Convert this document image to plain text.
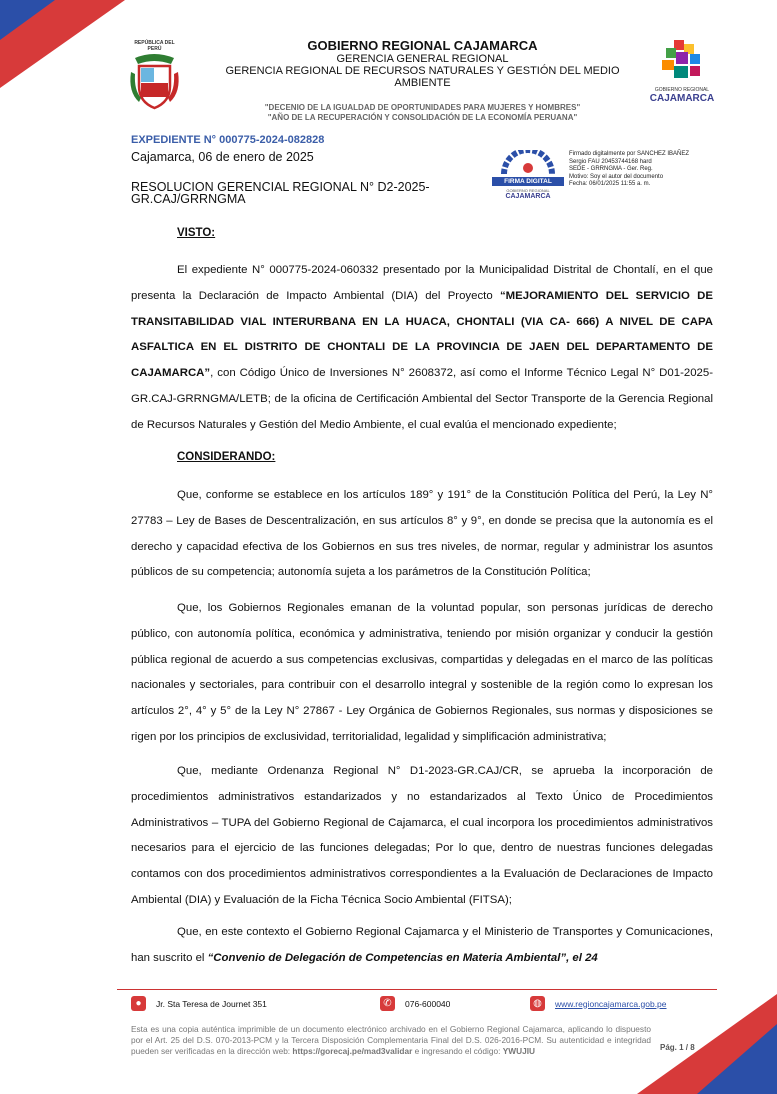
REPÚBLICA DEL PERÚ	GOBIERNO REGIONAL CAJAMARCA
GERENCIA GENERAL REGIONAL
GERENCIA REGIONAL DE RECURSOS NATURALES Y GESTIÓN DEL MEDIO AMBIENTE
"DECENIO DE LA IGUALDAD DE OPORTUNIDADES PARA MUJERES Y HOMBRES"
"AÑO DE LA RECUPERACIÓN Y CONSOLIDACIÓN DE LA ECONOMÍA PERUANA"
GOBIERNO REGIONAL
CAJAMARCA
EXPEDIENTE N° 000775-2024-082828
Cajamarca, 06 de enero de 2025
RESOLUCION GERENCIAL REGIONAL N° D2-2025-GR.CAJ/GRRNGMA
FIRMA DIGITAL
GOBIERNO REGIONAL
CAJAMARCA
Firmado digitalmente por SANCHEZ IBAÑEZ
Sergio FAU 20453744168 hard
SEDE - GRRNGMA - Ger. Reg.
Motivo: Soy el autor del documento
Fecha: 06/01/2025 11:55 a. m.
VISTO:

El expediente N° 000775-2024-060332 presentado por la Municipalidad Distrital de Chontalí, en el que presenta la Declaración de Impacto Ambiental (DIA) del Proyecto “MEJORAMIENTO DEL SERVICIO DE TRANSITABILIDAD VIAL INTERURBANA EN LA HUACA, CHONTALI (VIA CA- 666) A NIVEL DE CAPA ASFALTICA EN EL DISTRITO DE CHONTALI DE LA PROVINCIA DE JAEN DEL DEPARTAMENTO DE CAJAMARCA”, con Código Único de Inversiones N° 2608372, así como el Informe Técnico Legal N° D01-2025-GR.CAJ-GRRNGMA/LETB; de la oficina de Certificación Ambiental del Sector Transporte de la Gerencia Regional de Recursos Naturales y Gestión del Medio Ambiente, el cual evalúa el mencionado expediente;

CONSIDERANDO:

Que, conforme se establece en los artículos 189° y 191° de la Constitución Política del Perú, la Ley N° 27783 – Ley de Bases de Descentralización, en sus artículos 8° y 9°, en donde se precisa que la autonomía es el derecho y capacidad efectiva de los Gobiernos en sus tres niveles, de normar, regular y administrar los asuntos públicos de su competencia; autonomía sujeta a los parámetros de la Constitución Política;

Que, los Gobiernos Regionales emanan de la voluntad popular, son personas jurídicas de derecho público, con autonomía política, económica y administrativa, teniendo por misión organizar y conducir la gestión pública regional de acuerdo a sus competencias exclusivas, compartidas y delegadas en el marco de las políticas nacionales y sectoriales, para contribuir con el desarrollo integral y sostenible de la región como lo expresan los artículos 2°, 4° y 5° de la Ley N° 27867 - Ley Orgánica de Gobiernos Regionales, sus normas y disposiciones se rigen por los principios de exclusividad, territorialidad, legalidad y simplificación administrativa;

Que, mediante Ordenanza Regional N° D1-2023-GR.CAJ/CR, se aprueba la incorporación de procedimientos administrativos estandarizados y no estandarizados al Texto Único de Procedimientos Administrativos – TUPA del Gobierno Regional de Cajamarca, el cual incorpora los procedimientos administrativos necesarios para el ejercicio de las funciones delegadas; Por lo que, dentro de nuestras funciones delegadas contamos con dos procedimientos administrativos correspondientes a la Evaluación de Declaraciones de Impacto Ambiental (DIA) y Evaluación de la Ficha Técnica Socio Ambiental (FITSA);

Que, en este contexto el Gobierno Regional Cajamarca y el Ministerio de Transportes y Comunicaciones, han suscrito el “Convenio de Delegación de Competencias en Materia Ambiental”, el 24

●	Jr. Sta Teresa de Journet 351	✆	076-600040	◍	www.regioncajamarca.gob.pe
Esta es una copia auténtica imprimible de un documento electrónico archivado en el Gobierno Regional Cajamarca, aplicando lo dispuesto por el Art. 25 del D.S. 070-2013-PCM y la Tercera Disposición Complementaria Final del D.S. 026-2016-PCM. Su autenticidad e integridad pueden ser verificadas en la dirección web: https://gorecaj.pe/mad3validar e ingresando el código: YWUJIU	Pág. 1 / 8
